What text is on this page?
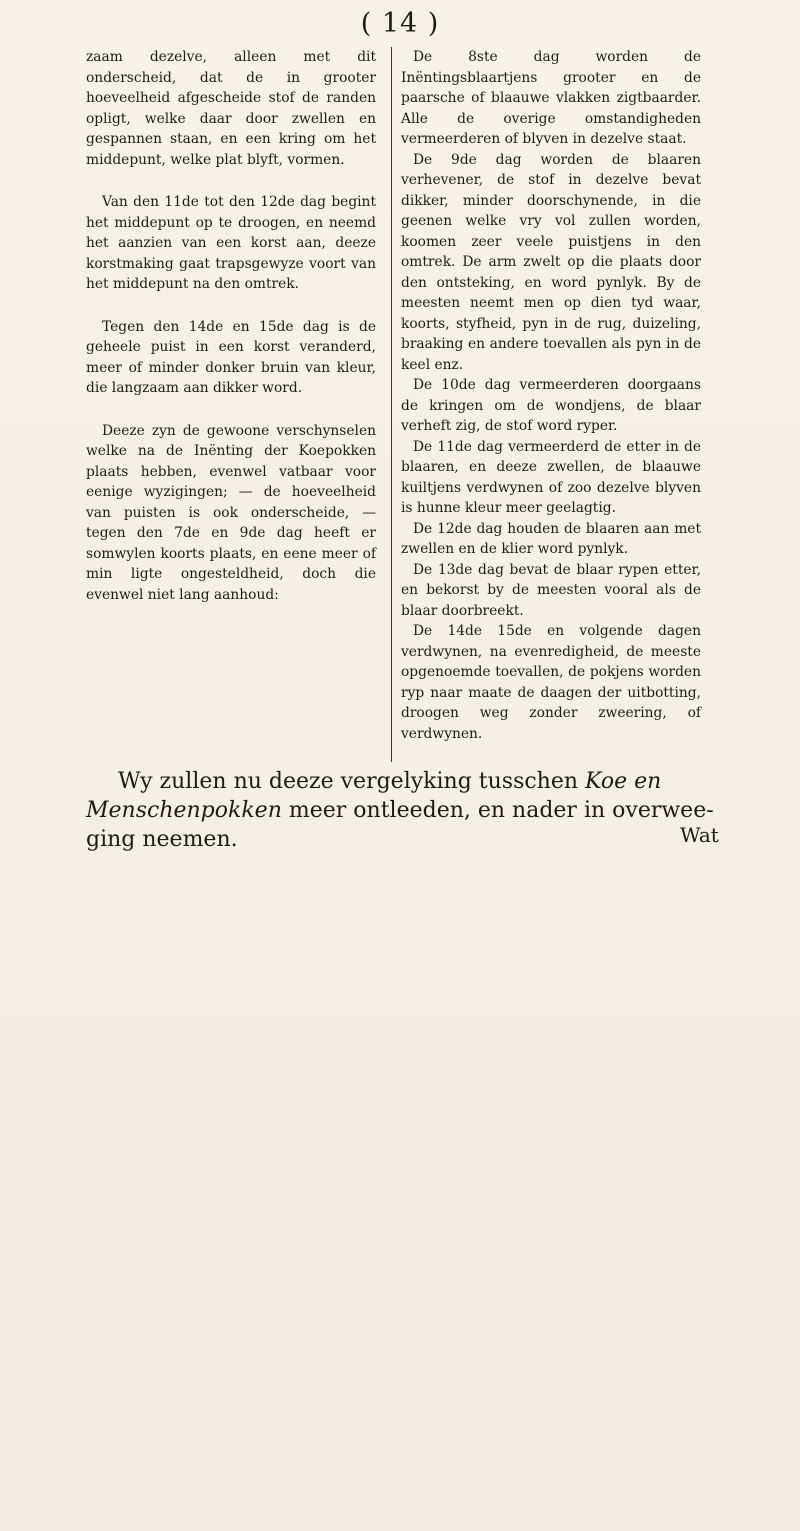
( 14 )

zaam dezelve, alleen met dit onderscheid, dat de in grooter hoeveelheid afgescheide stof de randen opligt, welke daar door zwellen en gespannen staan, en een kring om het middepunt, welke plat blyft, vormen.

Van den 11de tot den 12de dag begint het middepunt op te droogen, en neemd het aanzien van een korst aan, deeze korstmaking gaat trapsgewyze voort van het middepunt na den omtrek.

Tegen den 14de en 15de dag is de geheele puist in een korst veranderd, meer of minder donker bruin van kleur, die langzaam aan dikker word.

Deeze zyn de gewoone verschynselen welke na de Inënting der Koepokken plaats hebben, evenwel vatbaar voor eenige wyzigingen; — de hoeveelheid van puisten is ook onderscheide, — tegen den 7de en 9de dag heeft er somwylen koorts plaats, en eene meer of min ligte ongesteldheid, doch die evenwel niet lang aanhoud:

De 8ste dag worden de Inëntingsblaartjens grooter en de paarsche of blaauwe vlakken zigtbaarder. Alle de overige omstandigheden vermeerderen of blyven in dezelve staat.

De 9de dag worden de blaaren verhevener, de stof in dezelve bevat dikker, minder doorschynende, in die geenen welke vry vol zullen worden, koomen zeer veele puistjens in den omtrek. De arm zwelt op die plaats door den ontsteking, en word pynlyk. By de meesten neemt men op dien tyd waar, koorts, styfheid, pyn in de rug, duizeling, braaking en andere toevallen als pyn in de keel enz.

De 10de dag vermeerderen doorgaans de kringen om de wondjens, de blaar verheft zig, de stof word ryper.

De 11de dag vermeerderd de etter in de blaaren, en deeze zwellen, de blaauwe kuiltjens verdwynen of zoo dezelve blyven is hunne kleur meer geelagtig.

De 12de dag houden de blaaren aan met zwellen en de klier word pynlyk.

De 13de dag bevat de blaar rypen etter, en bekorst by de meesten vooral als de blaar doorbreekt.

De 14de 15de en volgende dagen verdwynen, na evenredigheid, de meeste opgenoemde toevallen, de pokjens worden ryp naar maate de daagen der uitbotting, droogen weg zonder zweering, of verdwynen.

Wy zullen nu deeze vergelyking tusschen Koe en
Menschenpokken meer ontleeden, en nader in overwee-
ging neemen.	Wat
